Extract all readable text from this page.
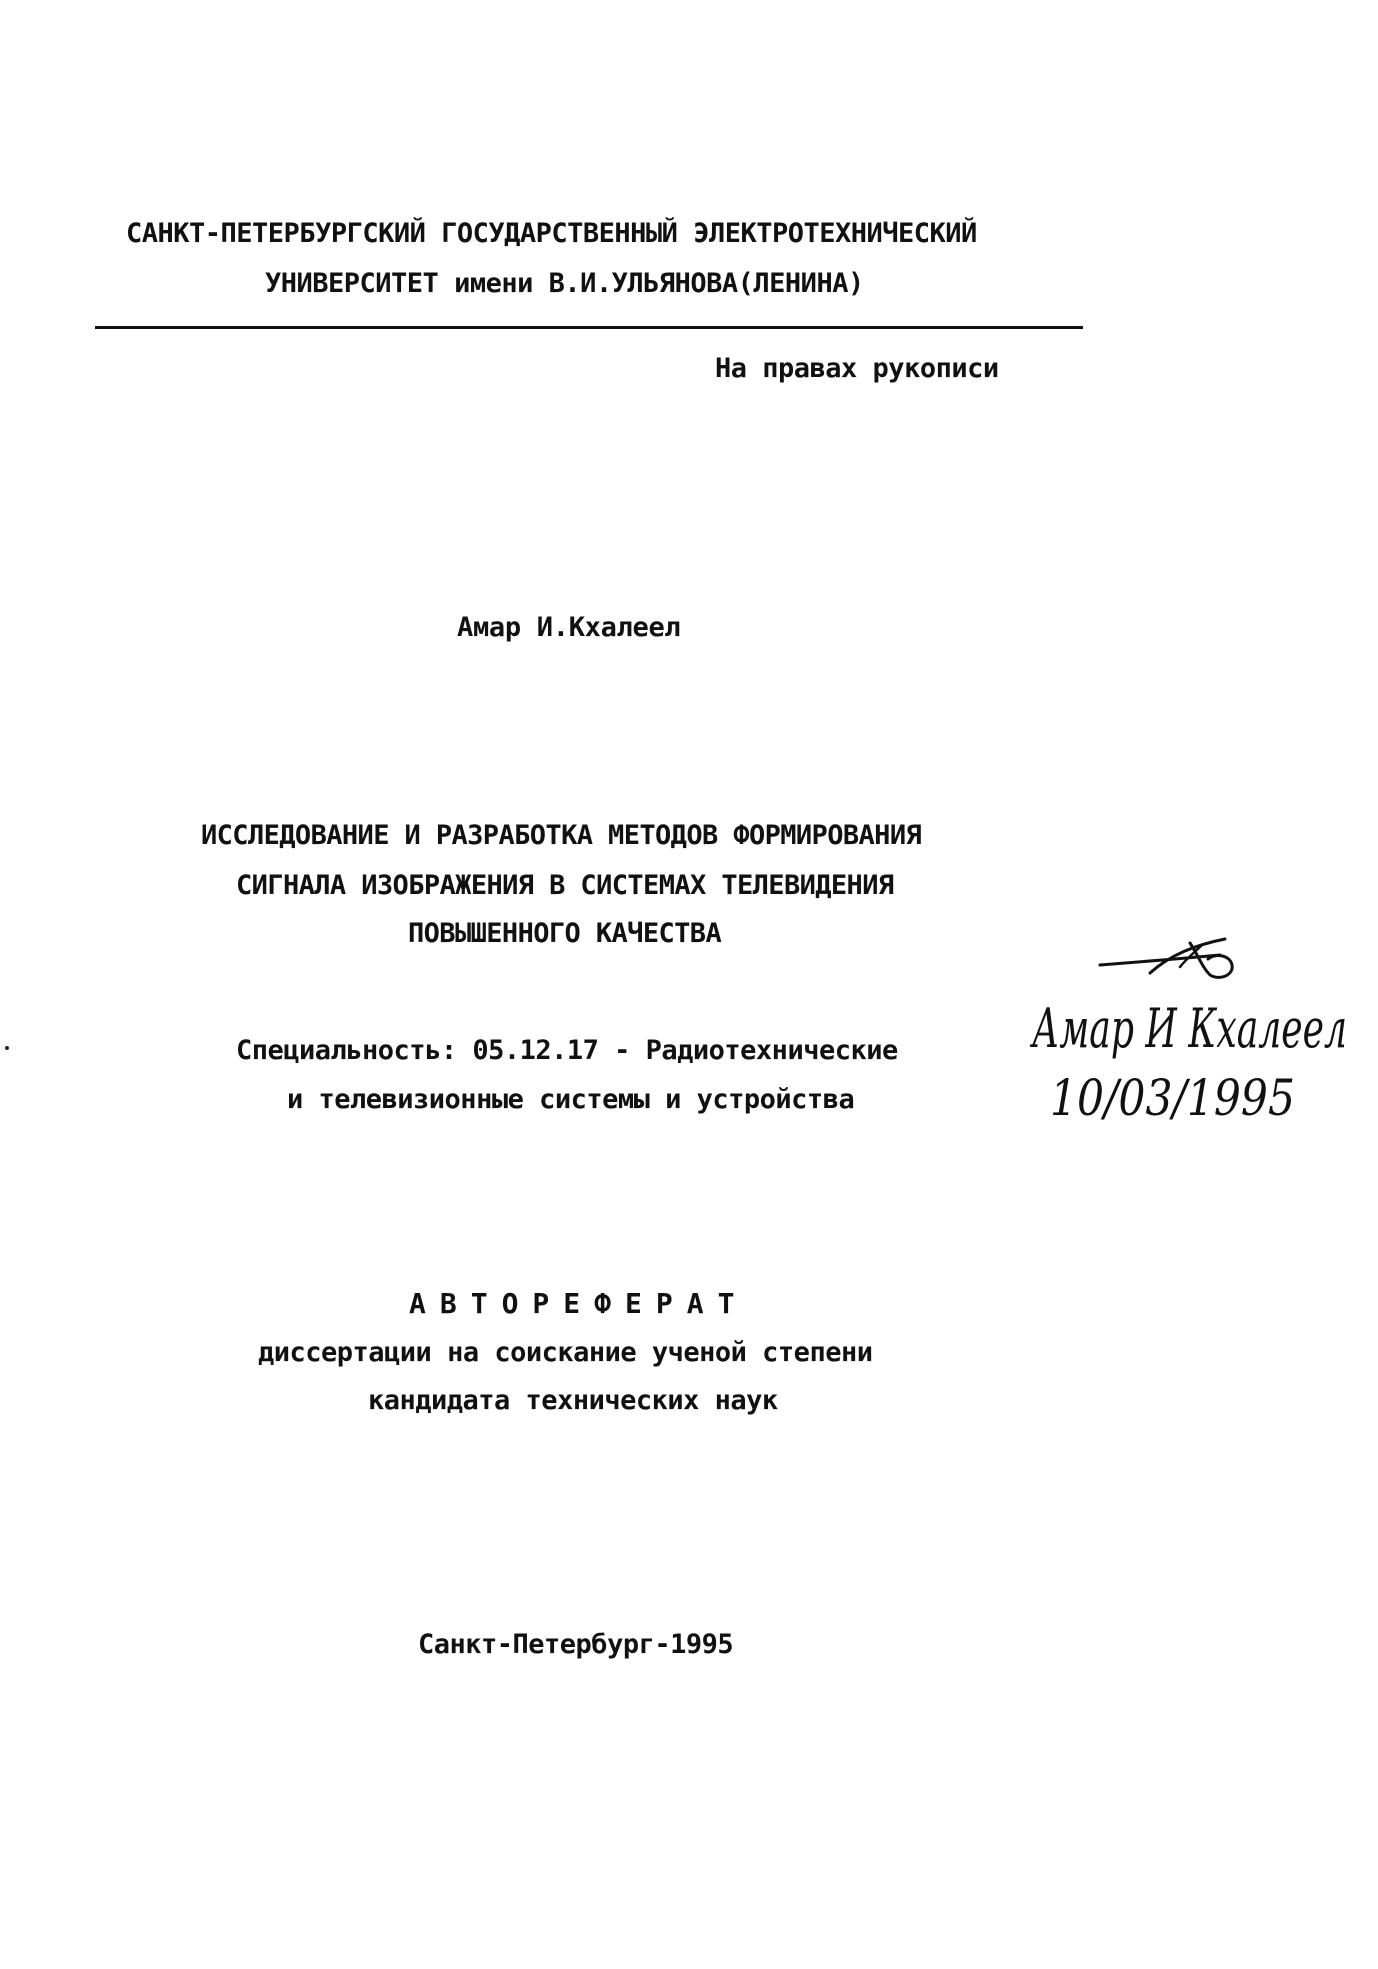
САНКТ-ПЕТЕРБУРГСКИЙ ГОСУДАРСТВЕННЫЙ ЭЛЕКТРОТЕХНИЧЕСКИЙ
УНИВЕРСИТЕТ имени В.И.УЛЬЯНОВА(ЛЕНИНА)
На правах рукописи
Амар И.Кхалеел
ИССЛЕДОВАНИЕ И РАЗРАБОТКА МЕТОДОВ ФОРМИРОВАНИЯ
СИГНАЛА ИЗОБРАЖЕНИЯ В СИСТЕМАХ ТЕЛЕВИДЕНИЯ
ПОВЫШЕННОГО КАЧЕСТВА
Специальность: 05.12.17 - Радиотехнические
и телевизионные системы и устройства
АВТОРЕФЕРАТ
диссертации на соискание ученой степени
кандидата технических наук
Санкт-Петербург-1995
Амар И Кхалеел
10/03/1995
